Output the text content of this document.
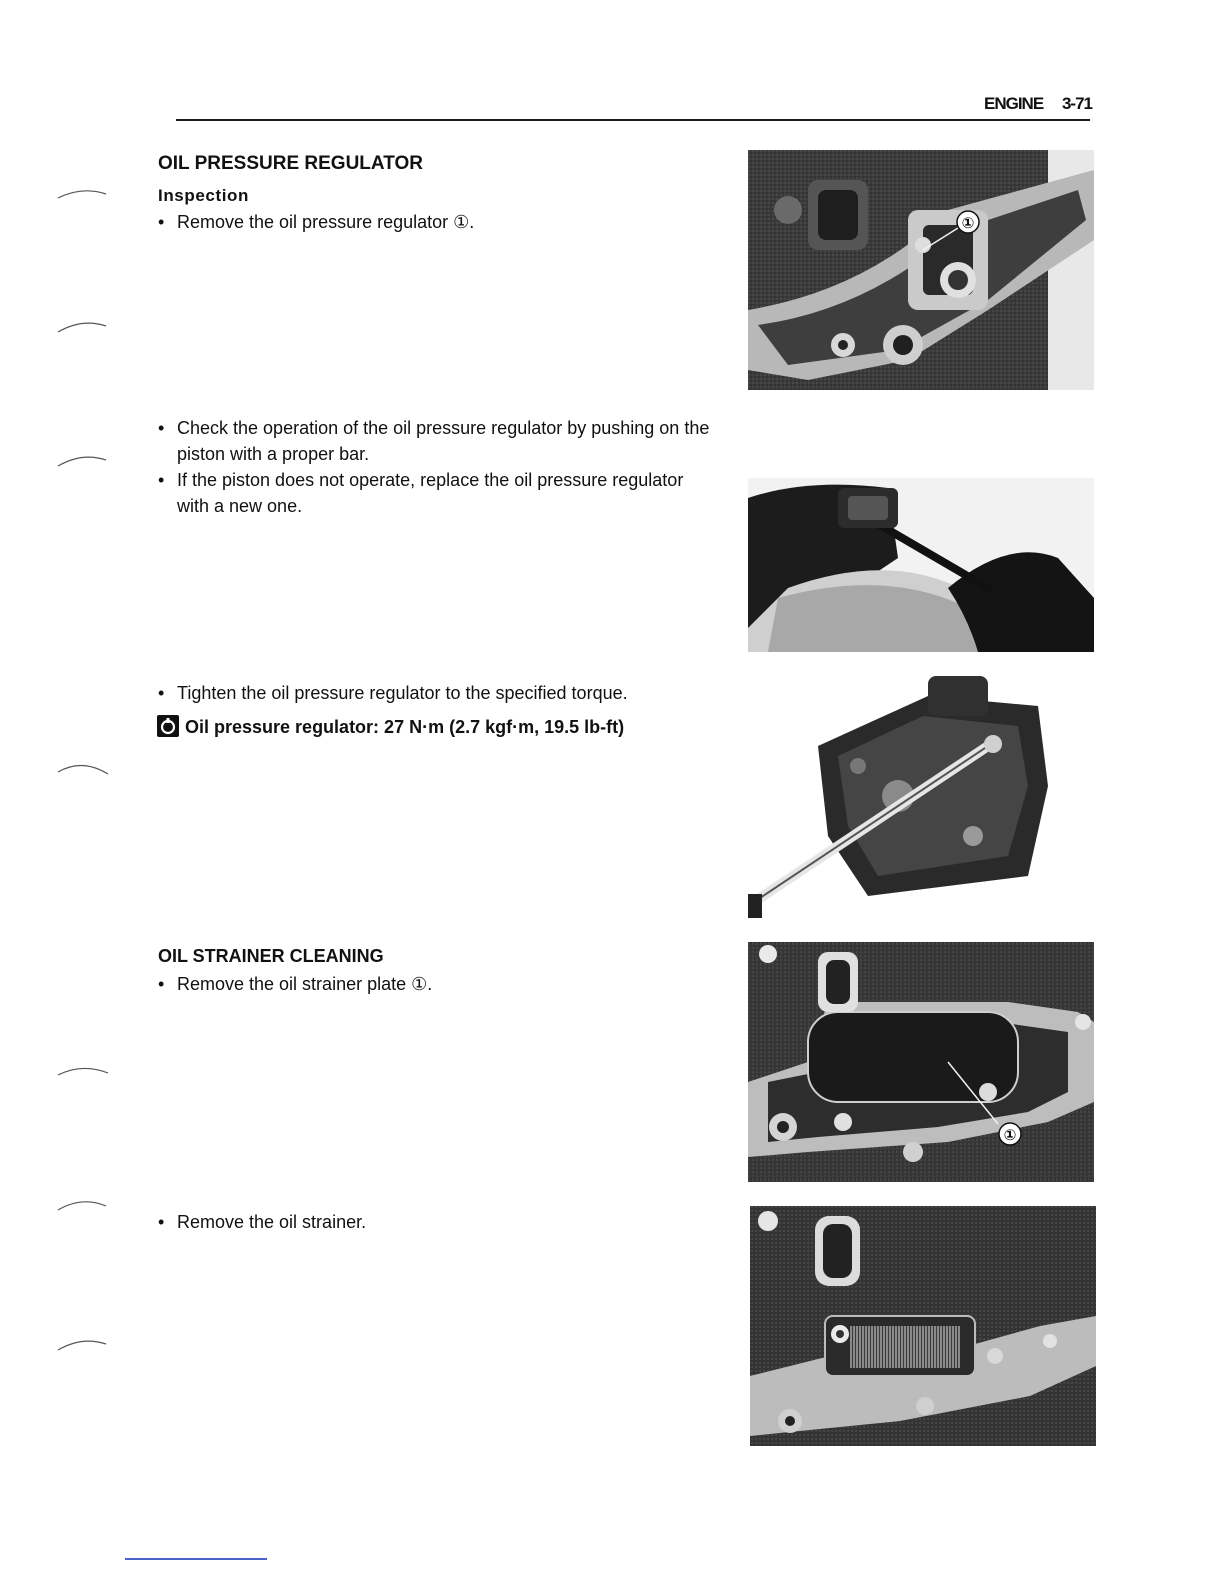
ENGINE 3-71
OIL PRESSURE REGULATOR
Inspection
• Remove the oil pressure regulator ①.
• Check the operation of the oil pressure regulator by pushing on the piston with a proper bar.
• If the piston does not operate, replace the oil pressure regulator with a new one.
• Tighten the oil pressure regulator to the specified torque.
Oil pressure regulator: 27 N·m (2.7 kgf·m, 19.5 lb-ft)
OIL STRAINER CLEANING
• Remove the oil strainer plate ①.
• Remove the oil strainer.
①
①
